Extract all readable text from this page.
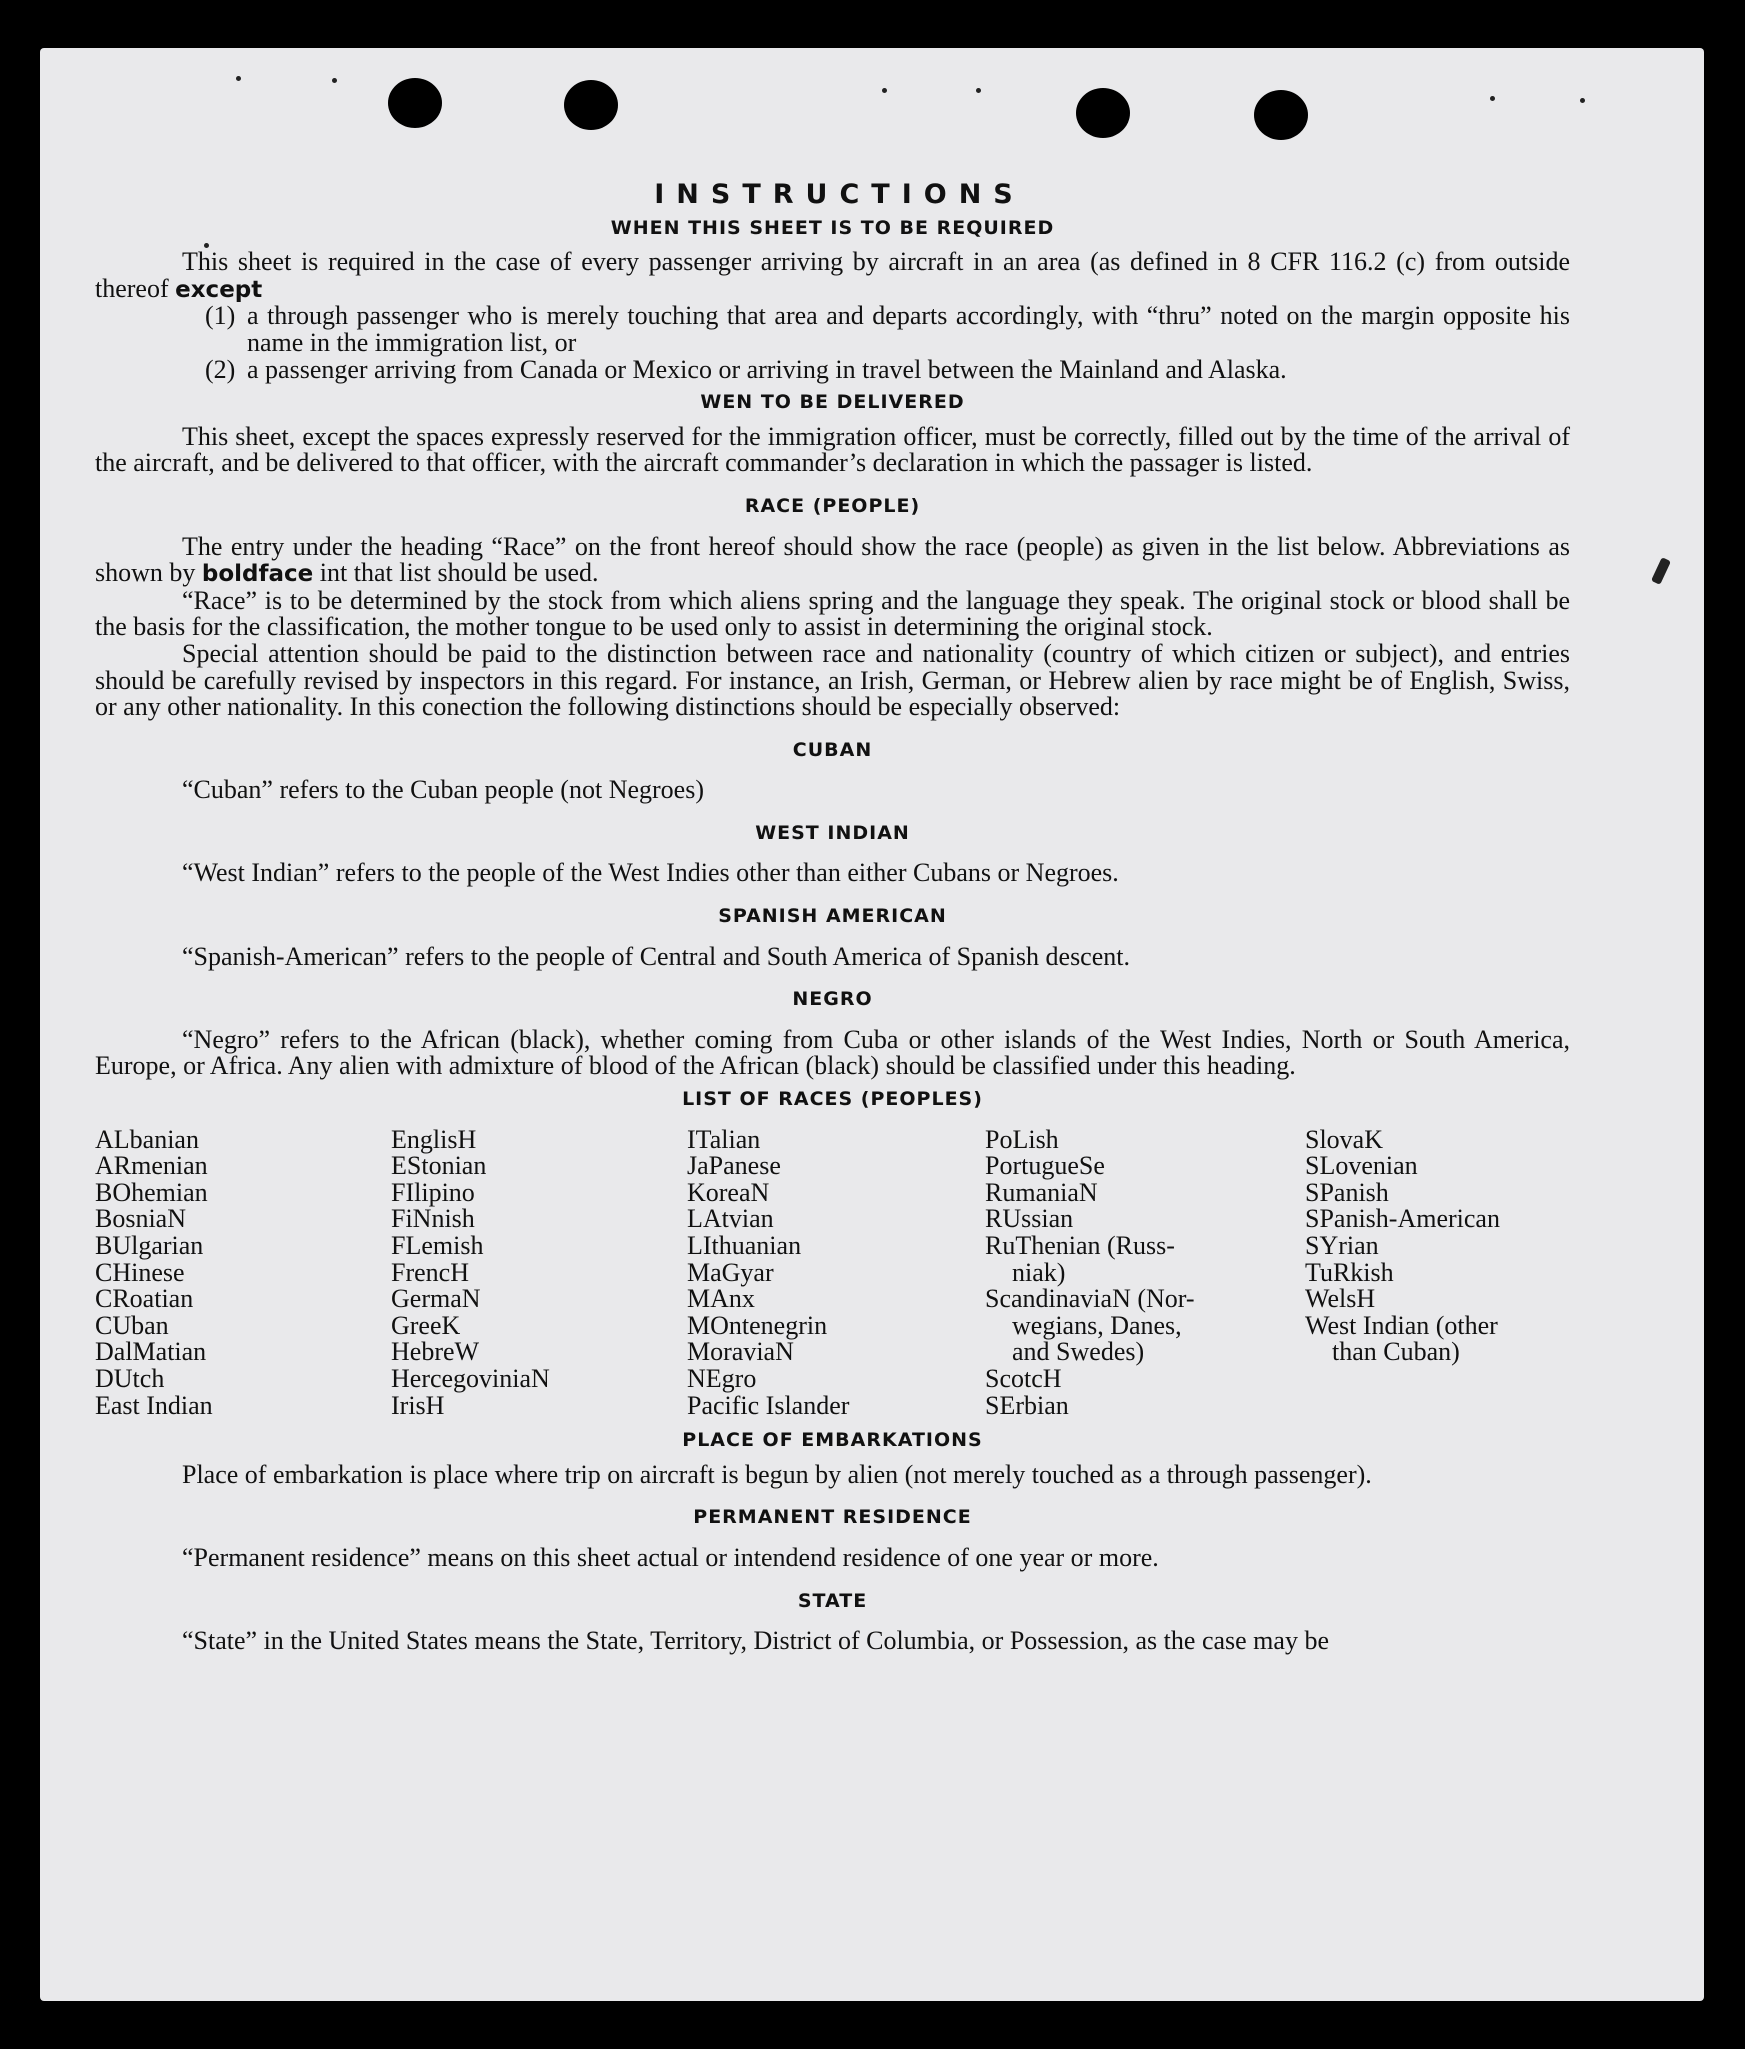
INSTRUCTIONS
WHEN THIS SHEET IS TO BE REQUIRED

This sheet is required in the case of every passenger arriving by aircraft in an area (as defined in 8 CFR 116.2 (c) from outside thereof except

(1) a through passenger who is merely touching that area and departs accordingly, with “thru” noted on the margin opposite his name in the immigration list, or
(2) a passenger arriving from Canada or Mexico or arriving in travel between the Mainland and Alaska.
WEN TO BE DELIVERED

This sheet, except the spaces expressly reserved for the immigration officer, must be correctly, filled out by the time of the arrival of the aircraft, and be delivered to that officer, with the aircraft commander’s declaration in which the passager is listed.

RACE (PEOPLE)

The entry under the heading “Race” on the front hereof should show the race (people) as given in the list below. Abbreviations as shown by boldface int that list should be used.

“Race” is to be determined by the stock from which aliens spring and the language they speak. The original stock or blood shall be the basis for the classification, the mother tongue to be used only to assist in determining the original stock.

Special attention should be paid to the distinction between race and nationality (country of which citizen or subject), and entries should be carefully revised by inspectors in this regard. For instance, an Irish, German, or Hebrew alien by race might be of English, Swiss, or any other nationality. In this conection the following distinctions should be especially observed:

CUBAN

“Cuban” refers to the Cuban people (not Negroes)

WEST INDIAN

“West Indian” refers to the people of the West Indies other than either Cubans or Negroes.

SPANISH AMERICAN

“Spanish-American” refers to the people of Central and South America of Spanish descent.

NEGRO

“Negro” refers to the African (black), whether coming from Cuba or other islands of the West Indies, North or South America, Europe, or Africa. Any alien with admixture of blood of the African (black) should be classified under this heading.

LIST OF RACES (PEOPLES)
ALbanian
ARmenian
BOhemian
BosniaN
BUlgarian
CHinese
CRoatian
CUban
DalMatian
DUtch
East Indian
EnglisH
EStonian
FIlipino
FiNnish
FLemish
FrencH
GermaN
GreeK
HebreW
HercegoviniaN
IrisH
ITalian
JaPanese
KoreaN
LAtvian
LIthuanian
MaGyar
MAnx
MOntenegrin
MoraviaN
NEgro
Pacific Islander
PoLish
PortugueSe
RumaniaN
RUssian
RuThenian (Russ-
niak)
ScandinaviaN (Nor-
wegians, Danes,
and Swedes)
ScotcH
SErbian
SlovaK
SLovenian
SPanish
SPanish-American
SYrian
TuRkish
WelsH
West Indian (other
than Cuban)
PLACE OF EMBARKATIONS

Place of embarkation is place where trip on aircraft is begun by alien (not merely touched as a through passenger).

PERMANENT RESIDENCE

“Permanent residence” means on this sheet actual or intendend residence of one year or more.

STATE

“State” in the United States means the State, Territory, District of Columbia, or Possession, as the case may be
